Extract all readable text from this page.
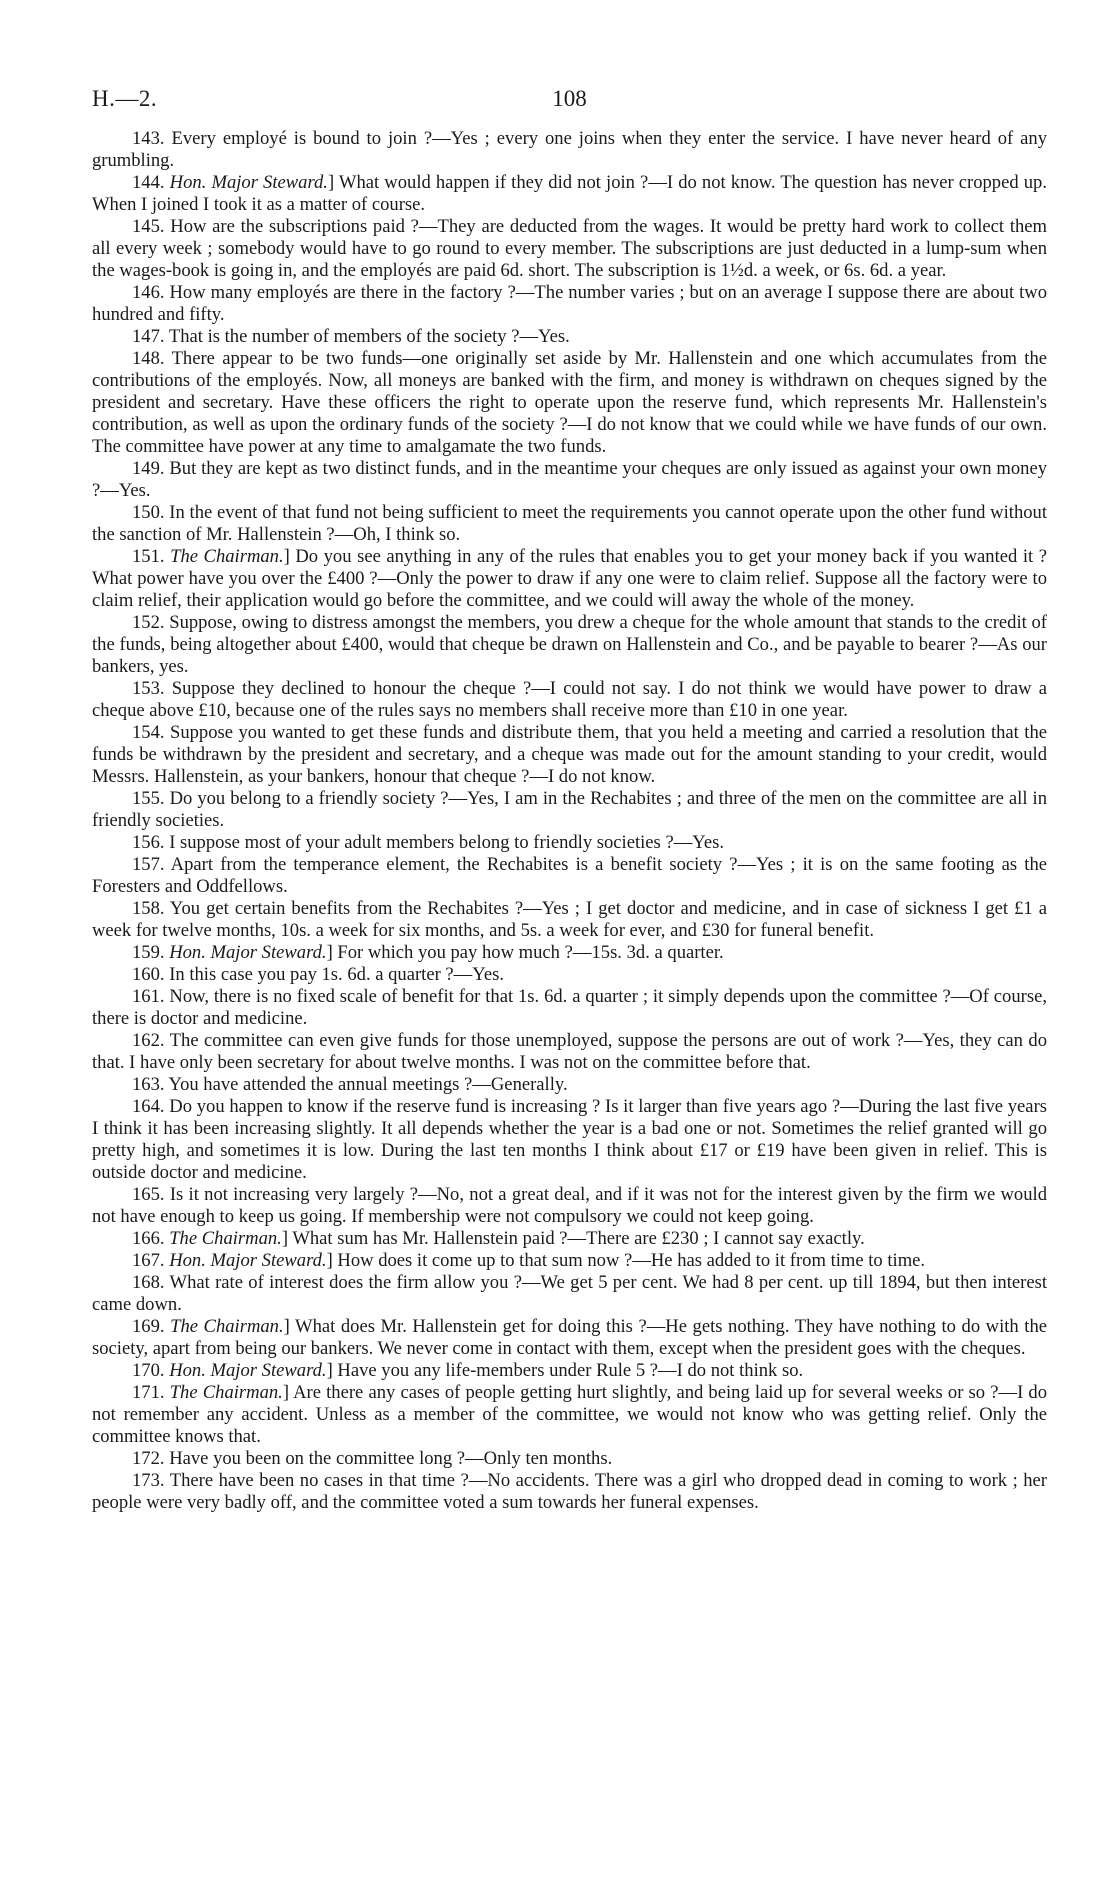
H.—2.	108

143. Every employé is bound to join ?—Yes ; every one joins when they enter the service. I have never heard of any grumbling.

144. Hon. Major Steward.] What would happen if they did not join ?—I do not know. The question has never cropped up. When I joined I took it as a matter of course.

145. How are the subscriptions paid ?—They are deducted from the wages. It would be pretty hard work to collect them all every week ; somebody would have to go round to every member. The subscriptions are just deducted in a lump-sum when the wages-book is going in, and the employés are paid 6d. short. The subscription is 1½d. a week, or 6s. 6d. a year.

146. How many employés are there in the factory ?—The number varies ; but on an average I suppose there are about two hundred and fifty.

147. That is the number of members of the society ?—Yes.

148. There appear to be two funds—one originally set aside by Mr. Hallenstein and one which accumulates from the contributions of the employés. Now, all moneys are banked with the firm, and money is withdrawn on cheques signed by the president and secretary. Have these officers the right to operate upon the reserve fund, which represents Mr. Hallenstein's contribution, as well as upon the ordinary funds of the society ?—I do not know that we could while we have funds of our own. The committee have power at any time to amalgamate the two funds.

149. But they are kept as two distinct funds, and in the meantime your cheques are only issued as against your own money ?—Yes.

150. In the event of that fund not being sufficient to meet the requirements you cannot operate upon the other fund without the sanction of Mr. Hallenstein ?—Oh, I think so.

151. The Chairman.] Do you see anything in any of the rules that enables you to get your money back if you wanted it ? What power have you over the £400 ?—Only the power to draw if any one were to claim relief. Suppose all the factory were to claim relief, their application would go before the committee, and we could will away the whole of the money.

152. Suppose, owing to distress amongst the members, you drew a cheque for the whole amount that stands to the credit of the funds, being altogether about £400, would that cheque be drawn on Hallenstein and Co., and be payable to bearer ?—As our bankers, yes.

153. Suppose they declined to honour the cheque ?—I could not say. I do not think we would have power to draw a cheque above £10, because one of the rules says no members shall receive more than £10 in one year.

154. Suppose you wanted to get these funds and distribute them, that you held a meeting and carried a resolution that the funds be withdrawn by the president and secretary, and a cheque was made out for the amount standing to your credit, would Messrs. Hallenstein, as your bankers, honour that cheque ?—I do not know.

155. Do you belong to a friendly society ?—Yes, I am in the Rechabites ; and three of the men on the committee are all in friendly societies.

156. I suppose most of your adult members belong to friendly societies ?—Yes.

157. Apart from the temperance element, the Rechabites is a benefit society ?—Yes ; it is on the same footing as the Foresters and Oddfellows.

158. You get certain benefits from the Rechabites ?—Yes ; I get doctor and medicine, and in case of sickness I get £1 a week for twelve months, 10s. a week for six months, and 5s. a week for ever, and £30 for funeral benefit.

159. Hon. Major Steward.] For which you pay how much ?—15s. 3d. a quarter.

160. In this case you pay 1s. 6d. a quarter ?—Yes.

161. Now, there is no fixed scale of benefit for that 1s. 6d. a quarter ; it simply depends upon the committee ?—Of course, there is doctor and medicine.

162. The committee can even give funds for those unemployed, suppose the persons are out of work ?—Yes, they can do that. I have only been secretary for about twelve months. I was not on the committee before that.

163. You have attended the annual meetings ?—Generally.

164. Do you happen to know if the reserve fund is increasing ? Is it larger than five years ago ?—During the last five years I think it has been increasing slightly. It all depends whether the year is a bad one or not. Sometimes the relief granted will go pretty high, and sometimes it is low. During the last ten months I think about £17 or £19 have been given in relief. This is outside doctor and medicine.

165. Is it not increasing very largely ?—No, not a great deal, and if it was not for the interest given by the firm we would not have enough to keep us going. If membership were not compulsory we could not keep going.

166. The Chairman.] What sum has Mr. Hallenstein paid ?—There are £230 ; I cannot say exactly.

167. Hon. Major Steward.] How does it come up to that sum now ?—He has added to it from time to time.

168. What rate of interest does the firm allow you ?—We get 5 per cent. We had 8 per cent. up till 1894, but then interest came down.

169. The Chairman.] What does Mr. Hallenstein get for doing this ?—He gets nothing. They have nothing to do with the society, apart from being our bankers. We never come in contact with them, except when the president goes with the cheques.

170. Hon. Major Steward.] Have you any life-members under Rule 5 ?—I do not think so.

171. The Chairman.] Are there any cases of people getting hurt slightly, and being laid up for several weeks or so ?—I do not remember any accident. Unless as a member of the committee, we would not know who was getting relief. Only the committee knows that.

172. Have you been on the committee long ?—Only ten months.

173. There have been no cases in that time ?—No accidents. There was a girl who dropped dead in coming to work ; her people were very badly off, and the committee voted a sum towards her funeral expenses.
